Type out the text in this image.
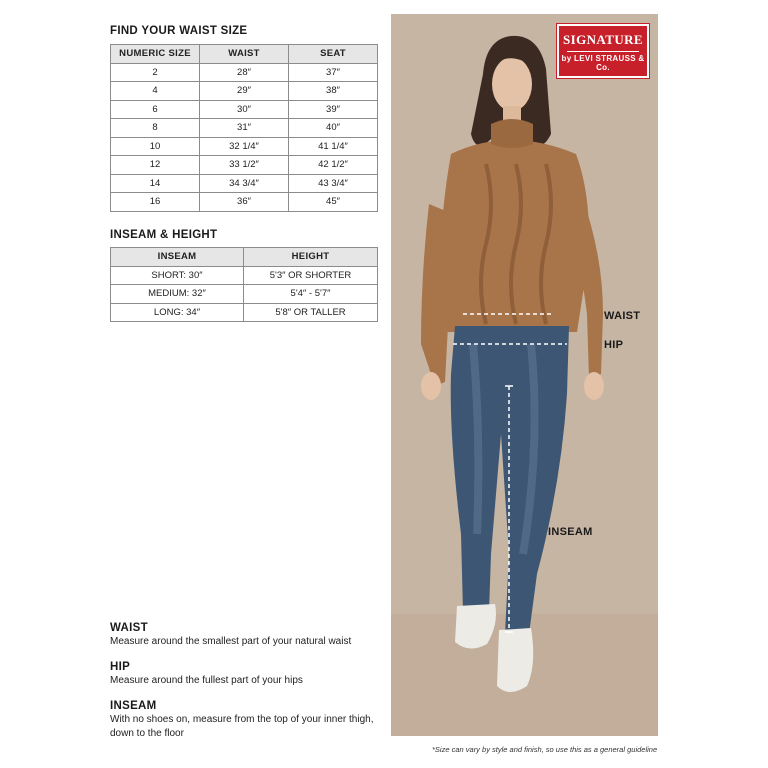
FIND YOUR WAIST SIZE
NUMERIC SIZE	WAIST	SEAT
2	28″	37″
4	29″	38″
6	30″	39″
8	31″	40″
10	32 1/4″	41 1/4″
12	33 1/2″	42 1/2″
14	34 3/4″	43 3/4″
16	36″	45″
INSEAM & HEIGHT
INSEAM	HEIGHT
SHORT: 30″	5'3″ OR SHORTER
MEDIUM: 32″	5'4″ - 5'7″
LONG: 34″	5'8″ OR TALLER
WAIST
Measure around the smallest part of your natural waist
HIP
Measure around the fullest part of your hips
INSEAM
With no shoes on, measure from the top of your inner thigh, down to the floor
WAIST
HIP
INSEAM
SIGNATURE
by LEVI STRAUSS & Co.
*Size can vary by style and finish, so use this as a general guideline
